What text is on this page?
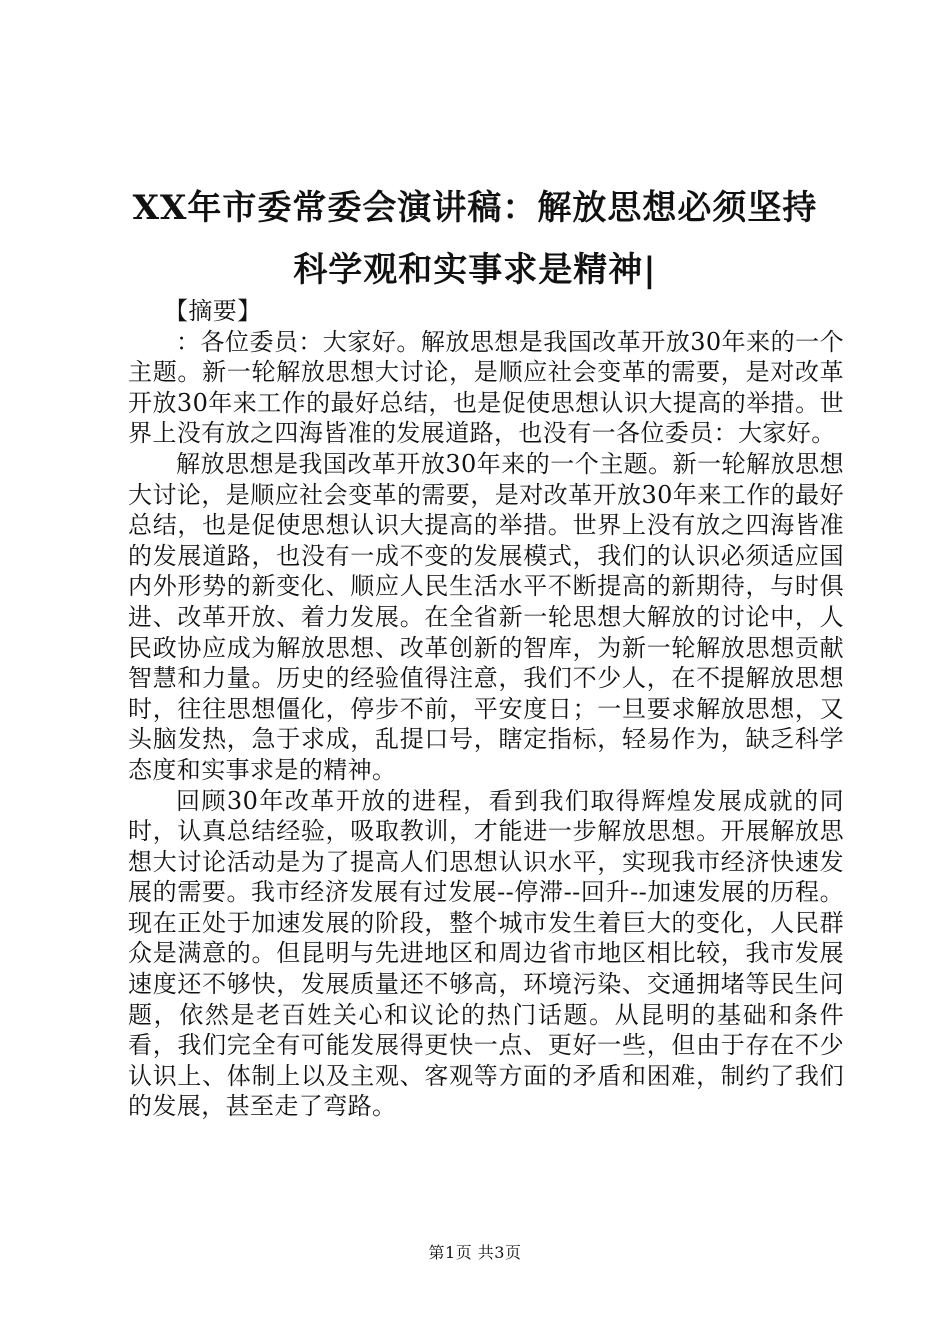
XX年市委常委会演讲稿：解放思想必须坚持
科学观和实事求是精神|

【摘要】

：各位委员：大家好。解放思想是我国改革开放30年来的一个主题。新一轮解放思想大讨论，是顺应社会变革的需要，是对改革开放30年来工作的最好总结，也是促使思想认识大提高的举措。世界上没有放之四海皆准的发展道路，也没有一各位委员：大家好。

解放思想是我国改革开放30年来的一个主题。新一轮解放思想大讨论，是顺应社会变革的需要，是对改革开放30年来工作的最好总结，也是促使思想认识大提高的举措。世界上没有放之四海皆准的发展道路，也没有一成不变的发展模式，我们的认识必须适应国内外形势的新变化、顺应人民生活水平不断提高的新期待，与时俱进、改革开放、着力发展。在全省新一轮思想大解放的讨论中，人民政协应成为解放思想、改革创新的智库，为新一轮解放思想贡献智慧和力量。历史的经验值得注意，我们不少人，在不提解放思想时，往往思想僵化，停步不前，平安度日；一旦要求解放思想，又头脑发热，急于求成，乱提口号，瞎定指标，轻易作为，缺乏科学态度和实事求是的精神。

回顾30年改革开放的进程，看到我们取得辉煌发展成就的同时，认真总结经验，吸取教训，才能进一步解放思想。开展解放思想大讨论活动是为了提高人们思想认识水平，实现我市经济快速发展的需要。我市经济发展有过发展--停滞--回升--加速发展的历程。现在正处于加速发展的阶段，整个城市发生着巨大的变化，人民群众是满意的。但昆明与先进地区和周边省市地区相比较，我市发展速度还不够快，发展质量还不够高，环境污染、交通拥堵等民生问题，依然是老百姓关心和议论的热门话题。从昆明的基础和条件看，我们完全有可能发展得更快一点、更好一些，但由于存在不少认识上、体制上以及主观、客观等方面的矛盾和困难，制约了我们的发展，甚至走了弯路。

第1页 共3页
